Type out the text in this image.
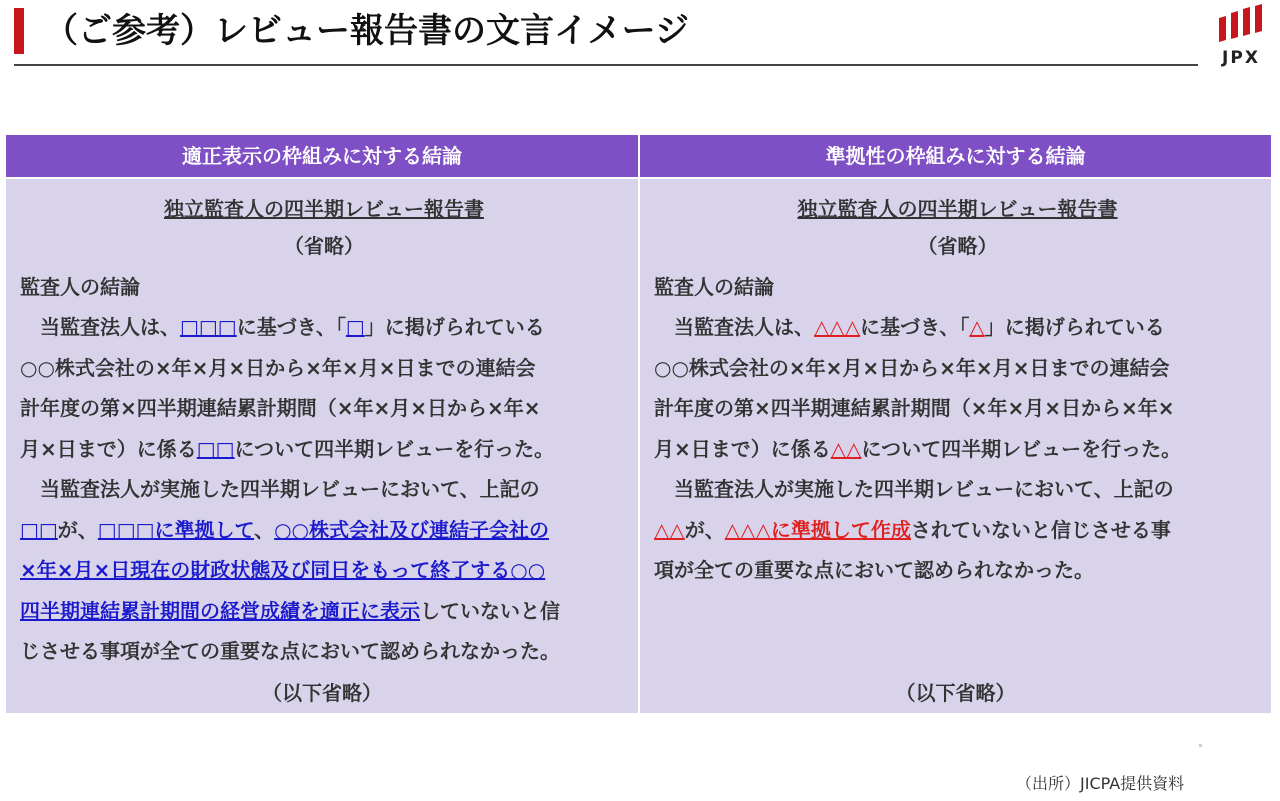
（ご参考）レビュー報告書の文言イメージ
JPX
適正表示の枠組みに対する結論
独立監査人の四半期レビュー報告書
（省略）
監査人の結論
　当監査法人は、□□□に基づき、「□」に掲げられている
○○株式会社の×年×月×日から×年×月×日までの連結会
計年度の第×四半期連結累計期間（×年×月×日から×年×
月×日まで）に係る□□について四半期レビューを行った。
　当監査法人が実施した四半期レビューにおいて、上記の
□□が、□□□に準拠して、○○株式会社及び連結子会社の
×年×月×日現在の財政状態及び同日をもって終了する○○
四半期連結累計期間の経営成績を適正に表示していないと信
じさせる事項が全ての重要な点において認められなかった。
（以下省略）
準拠性の枠組みに対する結論
独立監査人の四半期レビュー報告書
（省略）
監査人の結論
　当監査法人は、△△△に基づき、「△」に掲げられている
○○株式会社の×年×月×日から×年×月×日までの連結会
計年度の第×四半期連結累計期間（×年×月×日から×年×
月×日まで）に係る△△について四半期レビューを行った。
　当監査法人が実施した四半期レビューにおいて、上記の
△△が、△△△に準拠して作成されていないと信じさせる事
項が全ての重要な点において認められなかった。
（以下省略）
（出所）JICPA提供資料
